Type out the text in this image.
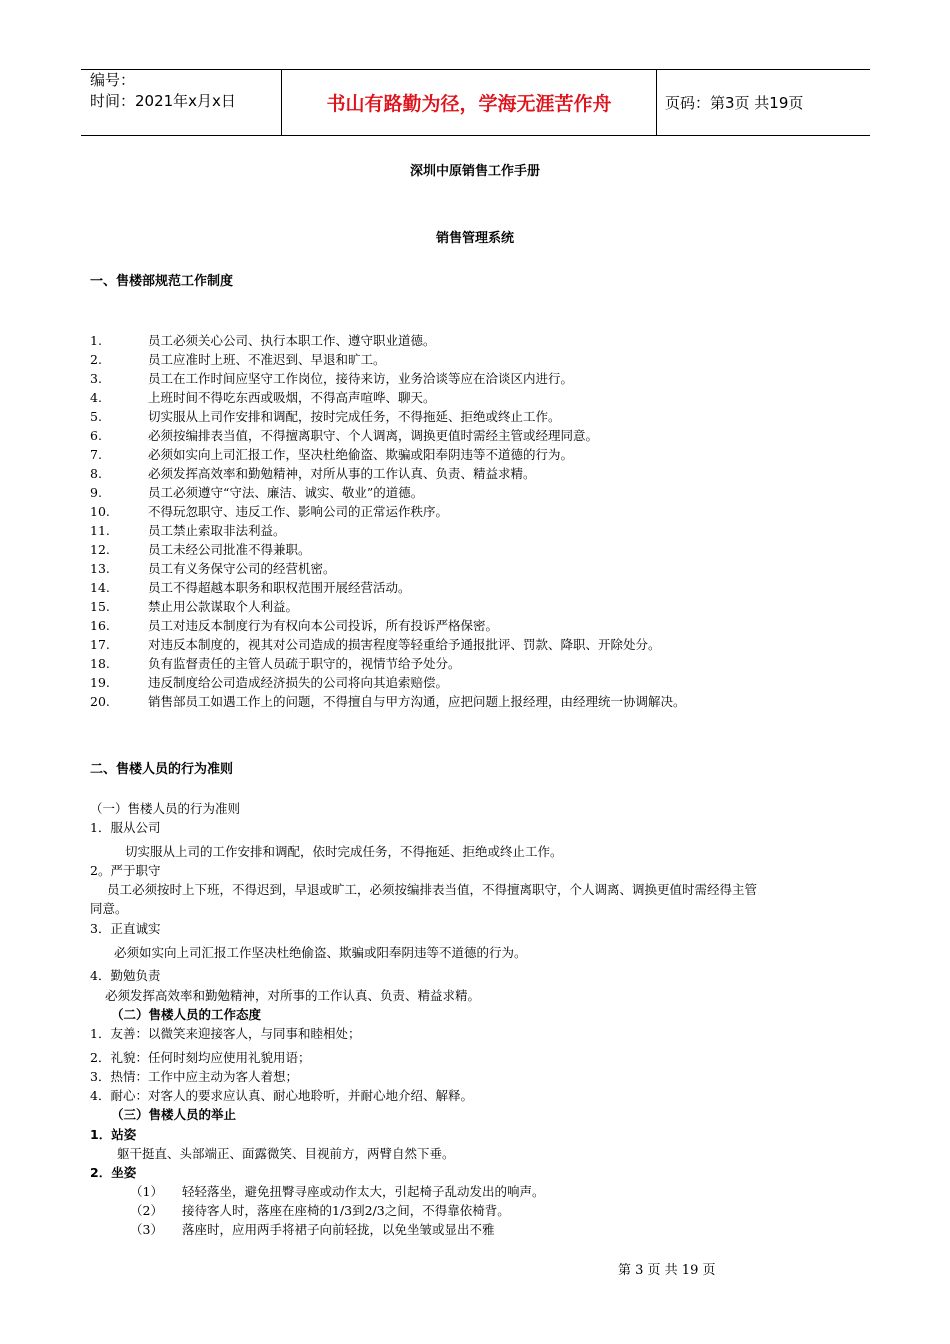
编号：
时间：2021年x月x日	书山有路勤为径，学海无涯苦作舟	页码：第3页 共19页
深圳中原销售工作手册
销售管理系统
一、售楼部规范工作制度
1.	员工必须关心公司、执行本职工作、遵守职业道德。
2.	员工应准时上班、不准迟到、早退和旷工。
3.	员工在工作时间应坚守工作岗位，接待来访，业务洽谈等应在洽谈区内进行。
4.	上班时间不得吃东西或吸烟，不得高声喧哗、聊天。
5.	切实服从上司作安排和调配，按时完成任务，不得拖延、拒绝或终止工作。
6.	必须按编排表当值，不得擅离职守、个人调离，调换更值时需经主管或经理同意。
7.	必须如实向上司汇报工作，坚决杜绝偷盗、欺骗或阳奉阴违等不道德的行为。
8.	必须发挥高效率和勤勉精神，对所从事的工作认真、负责、精益求精。
9.	员工必须遵守“守法、廉洁、诚实、敬业”的道德。
10.	不得玩忽职守、违反工作、影响公司的正常运作秩序。
11.	员工禁止索取非法利益。
12.	员工未经公司批准不得兼职。
13.	员工有义务保守公司的经营机密。
14.	员工不得超越本职务和职权范围开展经营活动。
15.	禁止用公款谋取个人利益。
16.	员工对违反本制度行为有权向本公司投诉，所有投诉严格保密。
17.	对违反本制度的，视其对公司造成的损害程度等轻重给予通报批评、罚款、降职、开除处分。
18.	负有监督责任的主管人员疏于职守的，视情节给予处分。
19.	违反制度给公司造成经济损失的公司将向其追索赔偿。
20.	销售部员工如遇工作上的问题，不得擅自与甲方沟通，应把问题上报经理，由经理统一协调解决。
二、售楼人员的行为准则
（一）售楼人员的行为准则
1．服从公司
切实服从上司的工作安排和调配，依时完成任务，不得拖延、拒绝或终止工作。
2。严于职守
员工必须按时上下班，不得迟到，早退或旷工，必须按编排表当值，不得擅离职守，个人调离、调换更值时需经得主管
同意。
3．正直诚实
必须如实向上司汇报工作坚决杜绝偷盗、欺骗或阳奉阴违等不道德的行为。
4．勤勉负责
必须发挥高效率和勤勉精神，对所事的工作认真、负责、精益求精。
（二）售楼人员的工作态度
1．友善：以微笑来迎接客人，与同事和睦相处；
2．礼貌：任何时刻均应使用礼貌用语；
3．热情：工作中应主动为客人着想；
4．耐心：对客人的要求应认真、耐心地聆听，并耐心地介绍、解释。
（三）售楼人员的举止
1．站姿
躯干挺直、头部端正、面露微笑、目视前方，两臂自然下垂。
2．坐姿
（1） 轻轻落坐，避免扭臀寻座或动作太大，引起椅子乱动发出的响声。
（2） 接待客人时，落座在座椅的1/3到2/3之间，不得靠依椅背。
（3） 落座时，应用两手将裙子向前轻拢，以免坐皱或显出不雅
第 3 页 共 19 页
